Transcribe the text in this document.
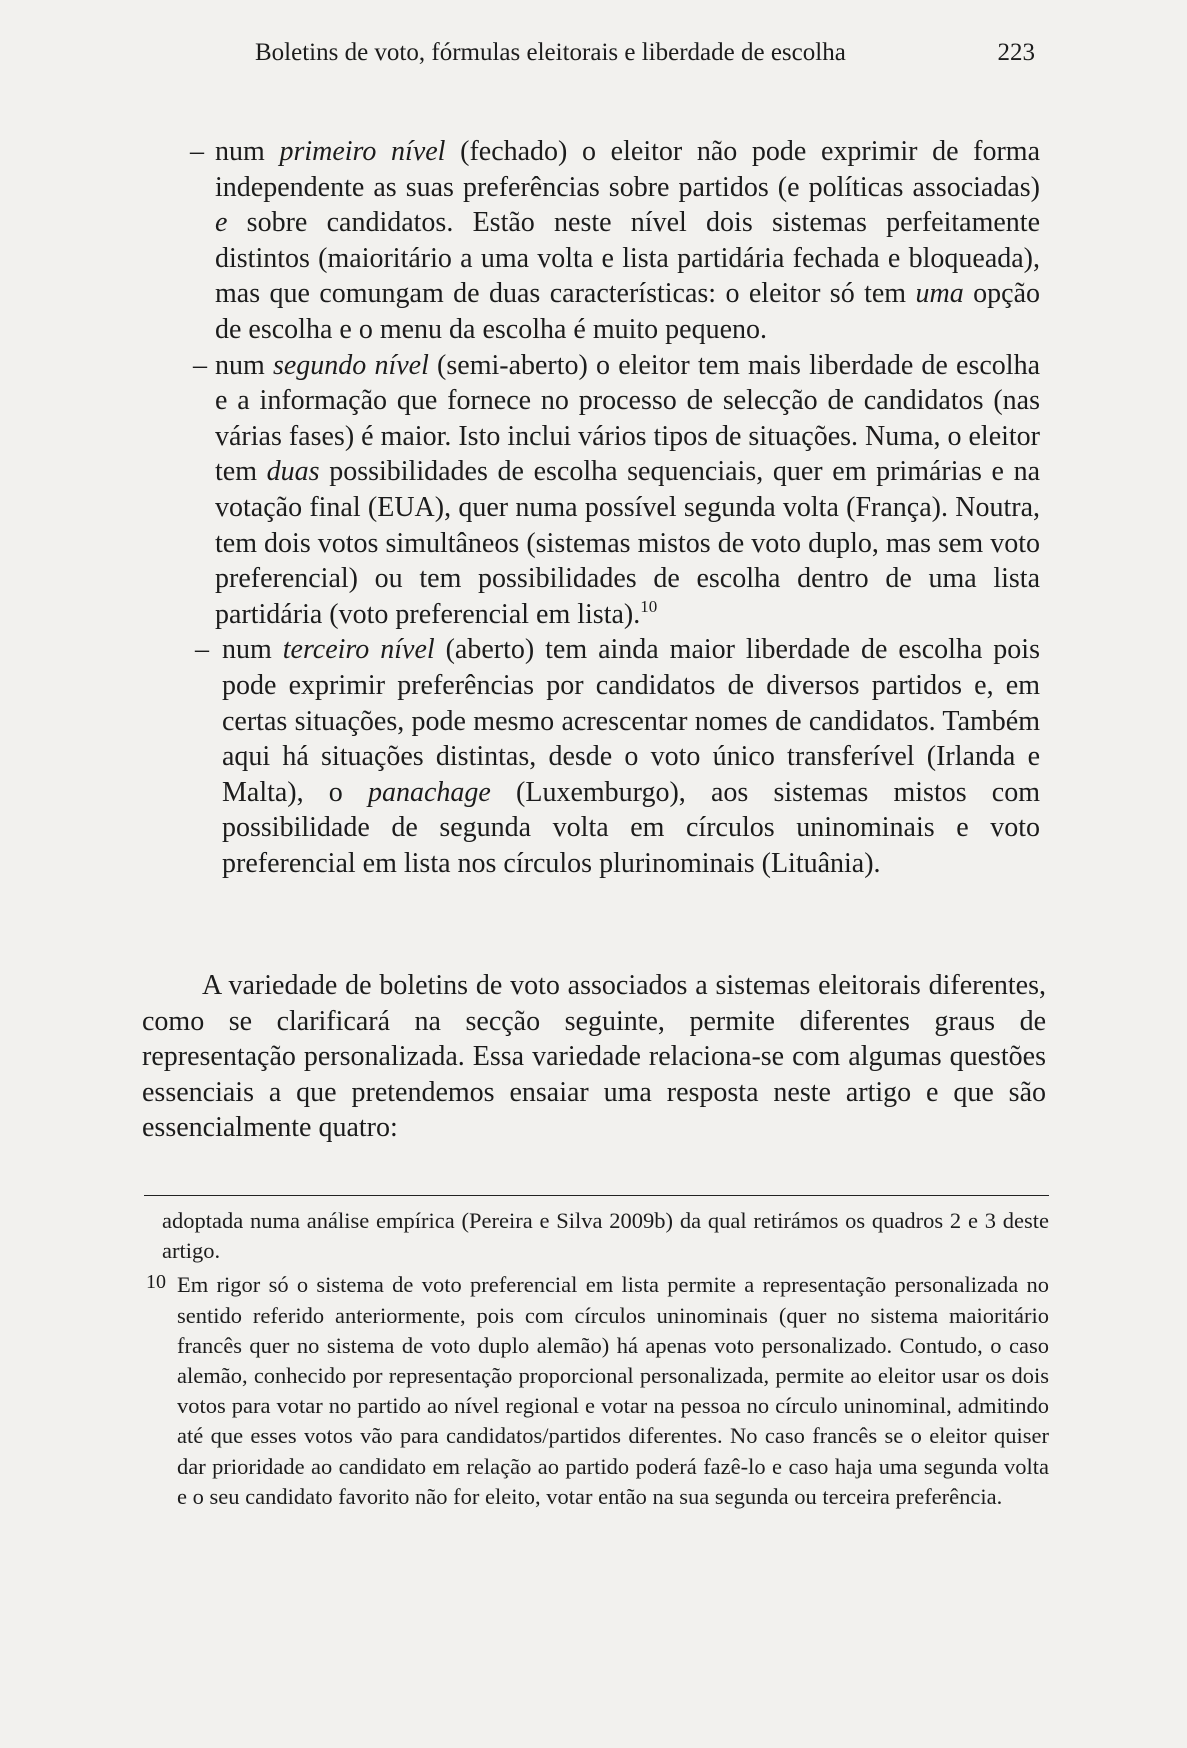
Boletins de voto, fórmulas eleitorais e liberdade de escolha	223
– num primeiro nível (fechado) o eleitor não pode exprimir de forma independente as suas preferências sobre partidos (e políticas associadas) e sobre candidatos. Estão neste nível dois sistemas perfeitamente distintos (maioritário a uma volta e lista partidária fechada e bloqueada), mas que comungam de duas características: o eleitor só tem uma opção de escolha e o menu da escolha é muito pequeno.
– num segundo nível (semi-aberto) o eleitor tem mais liberdade de escolha e a informação que fornece no processo de selecção de candidatos (nas várias fases) é maior. Isto inclui vários tipos de situações. Numa, o eleitor tem duas possibilidades de escolha sequenciais, quer em primárias e na votação final (EUA), quer numa possível segunda volta (França). Noutra, tem dois votos simultâneos (sistemas mistos de voto duplo, mas sem voto preferencial) ou tem possibilidades de escolha dentro de uma lista partidária (voto preferencial em lista).$^{10}$
– num terceiro nível (aberto) tem ainda maior liberdade de escolha pois pode exprimir preferências por candidatos de diversos partidos e, em certas situações, pode mesmo acrescentar nomes de candidatos. Também aqui há situações distintas, desde o voto único transferível (Irlanda e Malta), o panachage (Luxemburgo), aos sistemas mistos com possibilidade de segunda volta em círculos uninominais e voto preferencial em lista nos círculos plurinominais (Lituânia).

A variedade de boletins de voto associados a sistemas eleitorais diferentes, como se clarificará na secção seguinte, permite diferentes graus de representação personalizada. Essa variedade relaciona-se com algumas questões essenciais a que pretendemos ensaiar uma resposta neste artigo e que são essencialmente quatro:

adoptada numa análise empírica (Pereira e Silva 2009b) da qual retirámos os quadros 2 e 3 deste artigo.
10 Em rigor só o sistema de voto preferencial em lista permite a representação personalizada no sentido referido anteriormente, pois com círculos uninominais (quer no sistema maioritário francês quer no sistema de voto duplo alemão) há apenas voto personalizado. Contudo, o caso alemão, conhecido por representação proporcional personalizada, permite ao eleitor usar os dois votos para votar no partido ao nível regional e votar na pessoa no círculo uninominal, admitindo até que esses votos vão para candidatos/partidos diferentes. No caso francês se o eleitor quiser dar prioridade ao candidato em relação ao partido poderá fazê-lo e caso haja uma segunda volta e o seu candidato favorito não for eleito, votar então na sua segunda ou terceira preferência.
